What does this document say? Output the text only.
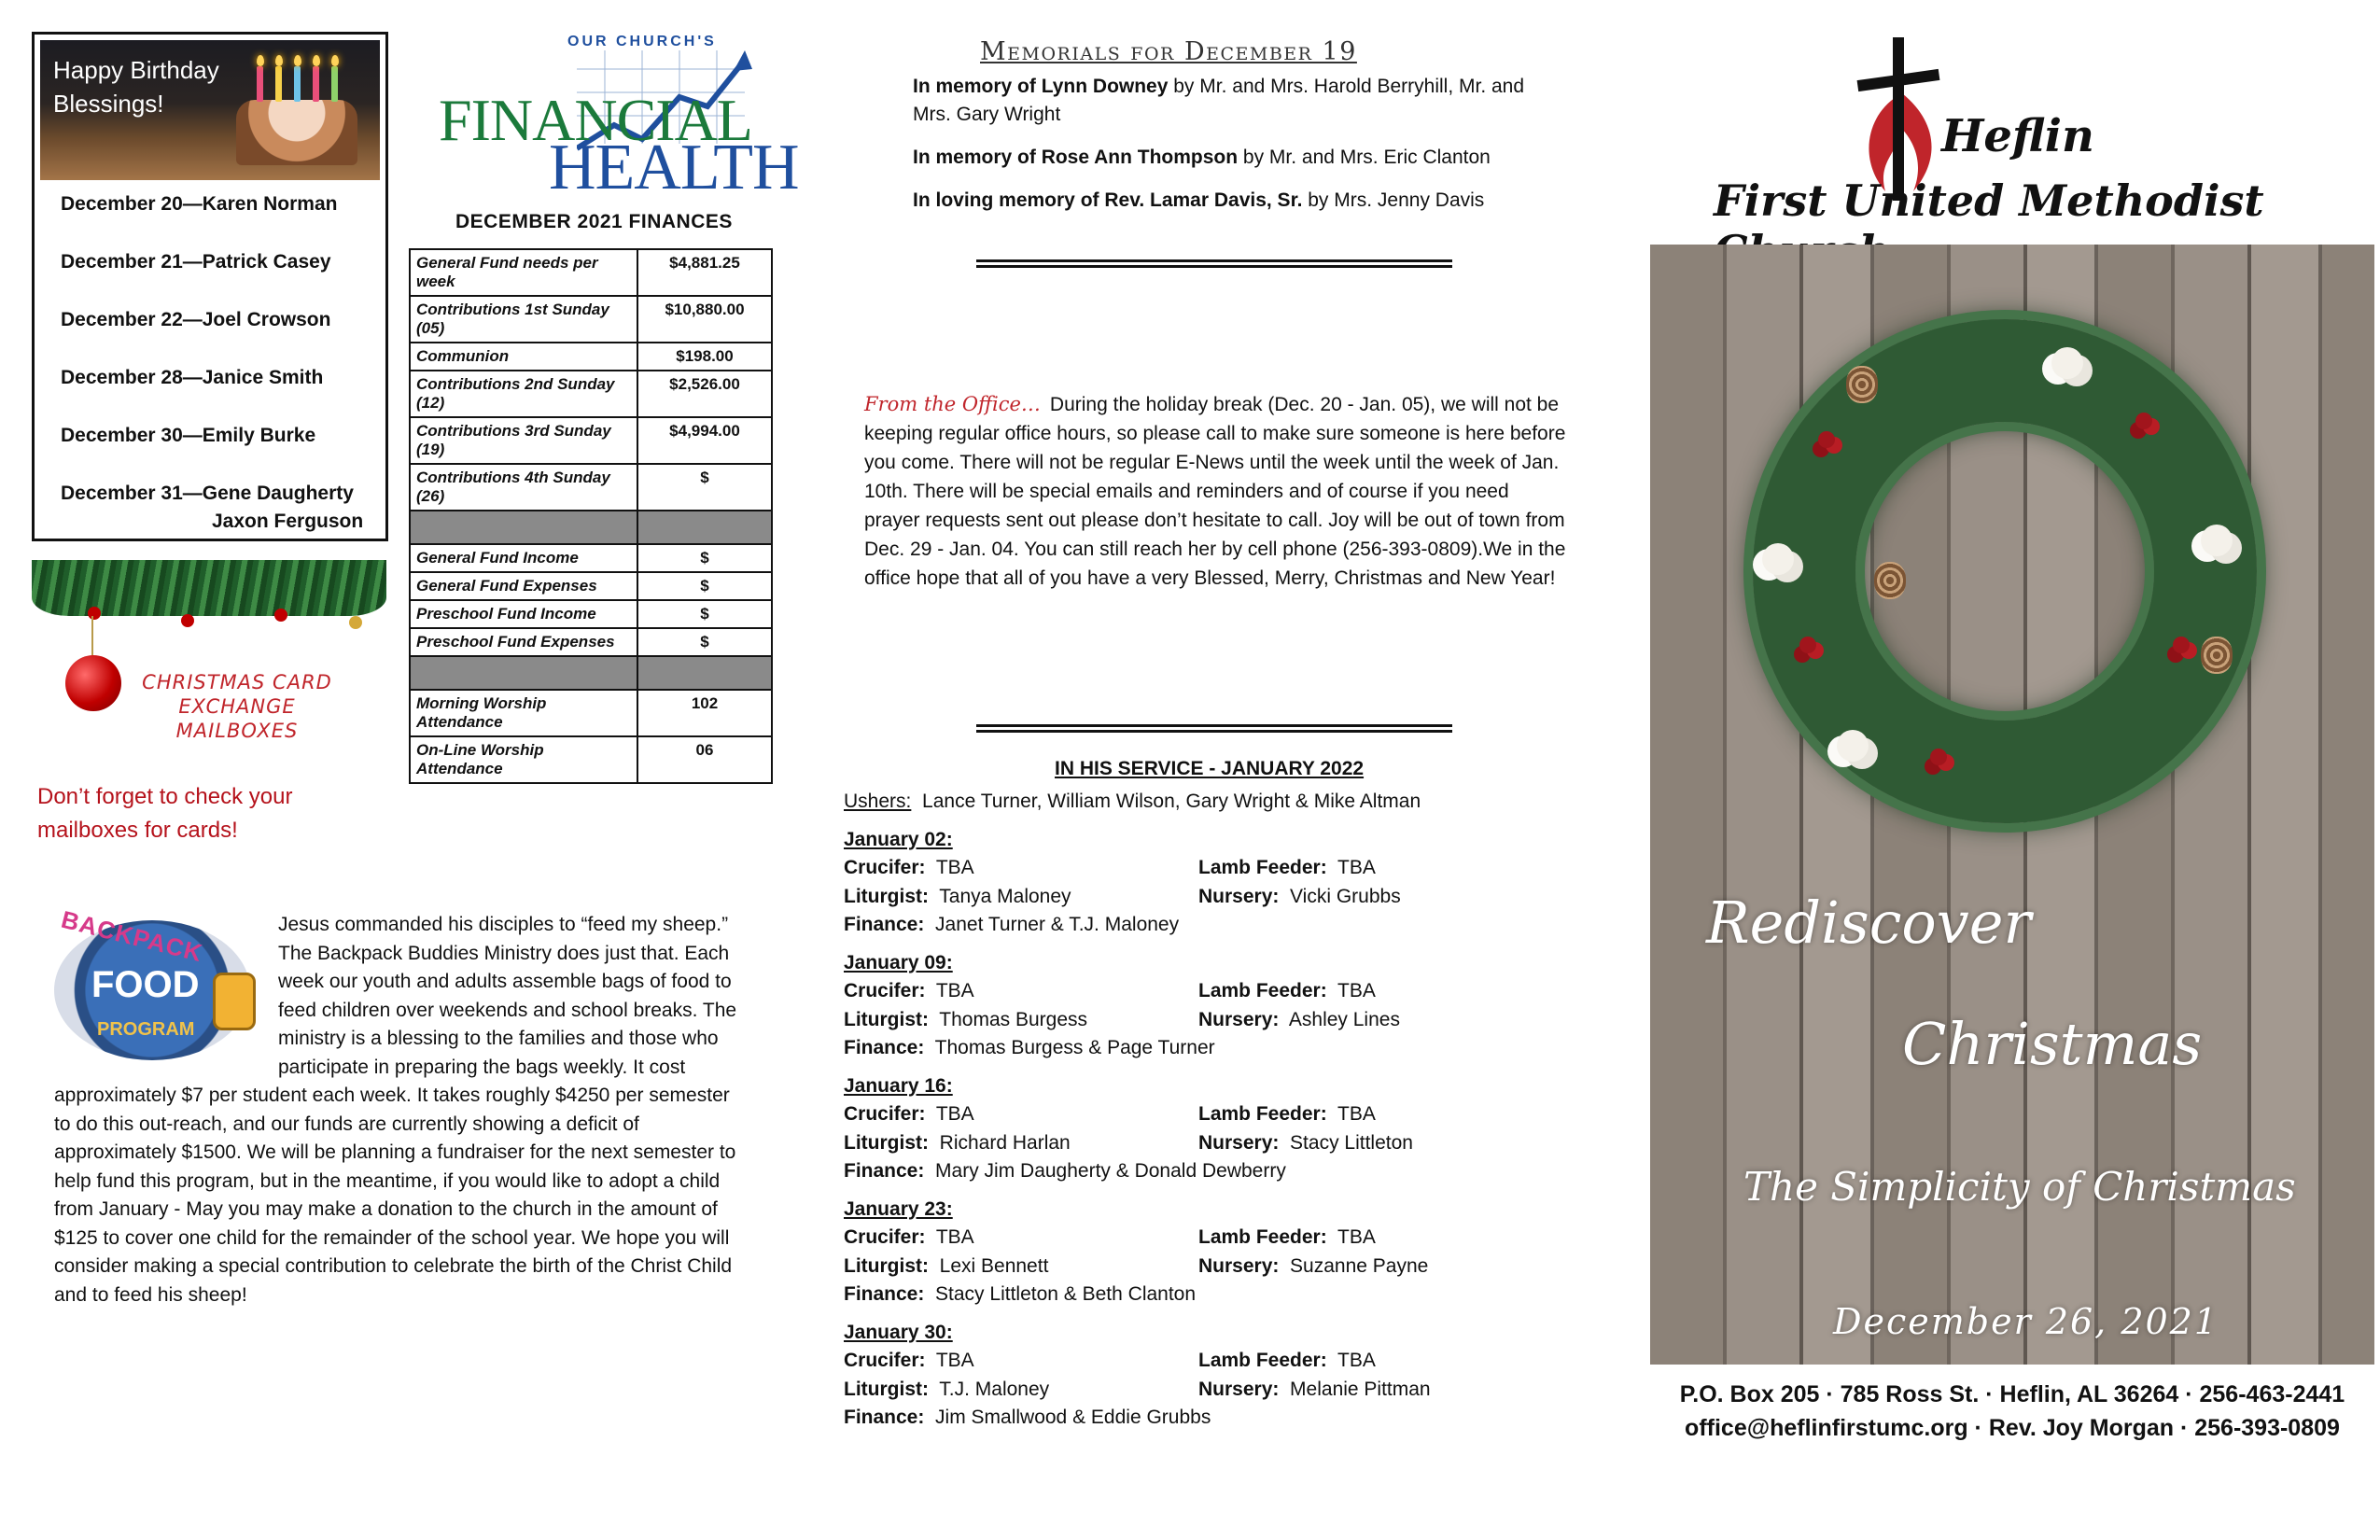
Happy Birthday Blessings!
December 20—Karen Norman
December 21—Patrick Casey
December 22—Joel Crowson
December 28—Janice Smith
December 30—Emily Burke
December 31—Gene Daugherty
Jaxon Ferguson
CHRISTMAS CARD EXCHANGE MAILBOXES
Don’t forget to check your mailboxes for cards!
OUR CHURCH'S
FINANCIAL
HEALTH
DECEMBER 2021 FINANCES
General Fund needs per week	$4,881.25
Contributions 1st Sunday (05)	$10,880.00
Communion	$198.00
Contributions 2nd Sunday (12)	$2,526.00
Contributions 3rd Sunday (19)	$4,994.00
Contributions 4th Sunday (26)	$

General Fund Income	$
General Fund Expenses	$
Preschool Fund Income	$
Preschool Fund Expenses	$

Morning Worship Attendance	102
On-Line Worship Attendance	06
BACKPACK
FOOD
PROGRAM
Jesus commanded his disciples to “feed my sheep.” The Backpack Buddies Ministry does just that. Each week our youth and adults assemble bags of food to feed children over weekends and school breaks. The ministry is a blessing to the families and those who participate in preparing the bags weekly. It cost approximately $7 per student each week. It takes roughly $4250 per semester to do this out-reach, and our funds are currently showing a deficit of approximately $1500. We will be planning a fundraiser for the next semester to help fund this program, but in the meantime, if you would like to adopt a child from January - May you may make a donation to the church in the amount of $125 to cover one child for the remainder of the school year. We hope you will consider making a special contribution to celebrate the birth of the Christ Child and to feed his sheep!
Memorials for December 19
In memory of Lynn Downey by Mr. and Mrs. Harold Berryhill, Mr. and Mrs. Gary Wright
In memory of Rose Ann Thompson by Mr. and Mrs. Eric Clanton
In loving memory of Rev. Lamar Davis, Sr. by Mrs. Jenny Davis
From the Office… During the holiday break (Dec. 20 - Jan. 05), we will not be keeping regular office hours, so please call to make sure someone is here before you come. There will not be regular E-News until the week until the week of Jan. 10th. There will be special emails and reminders and of course if you need prayer requests sent out please don’t hesitate to call. Joy will be out of town from Dec. 29 - Jan. 04. You can still reach her by cell phone (256-393-0809).We in the office hope that all of you have a very Blessed, Merry, Christmas and New Year!
IN HIS SERVICE - JANUARY 2022
Ushers: Lance Turner, William Wilson, Gary Wright & Mike Altman
January 02:
Crucifer: TBA	Lamb Feeder: TBA
Liturgist: Tanya Maloney	Nursery: Vicki Grubbs
Finance: Janet Turner & T.J. Maloney
January 09:
Crucifer: TBA	Lamb Feeder: TBA
Liturgist: Thomas Burgess	Nursery: Ashley Lines
Finance: Thomas Burgess & Page Turner
January 16:
Crucifer: TBA	Lamb Feeder: TBA
Liturgist: Richard Harlan	Nursery: Stacy Littleton
Finance: Mary Jim Daugherty & Donald Dewberry
January 23:
Crucifer: TBA	Lamb Feeder: TBA
Liturgist: Lexi Bennett	Nursery: Suzanne Payne
Finance: Stacy Littleton & Beth Clanton
January 30:
Crucifer: TBA	Lamb Feeder: TBA
Liturgist: T.J. Maloney	Nursery: Melanie Pittman
Finance: Jim Smallwood & Eddie Grubbs
Heflin
First United Methodist
Rediscover
Christmas
The Simplicity of Christmas
December 26, 2021
P.O. Box 205 · 785 Ross St. · Heflin, AL 36264 · 256-463-2441
office@heflinfirstumc.org · Rev. Joy Morgan · 256-393-0809
